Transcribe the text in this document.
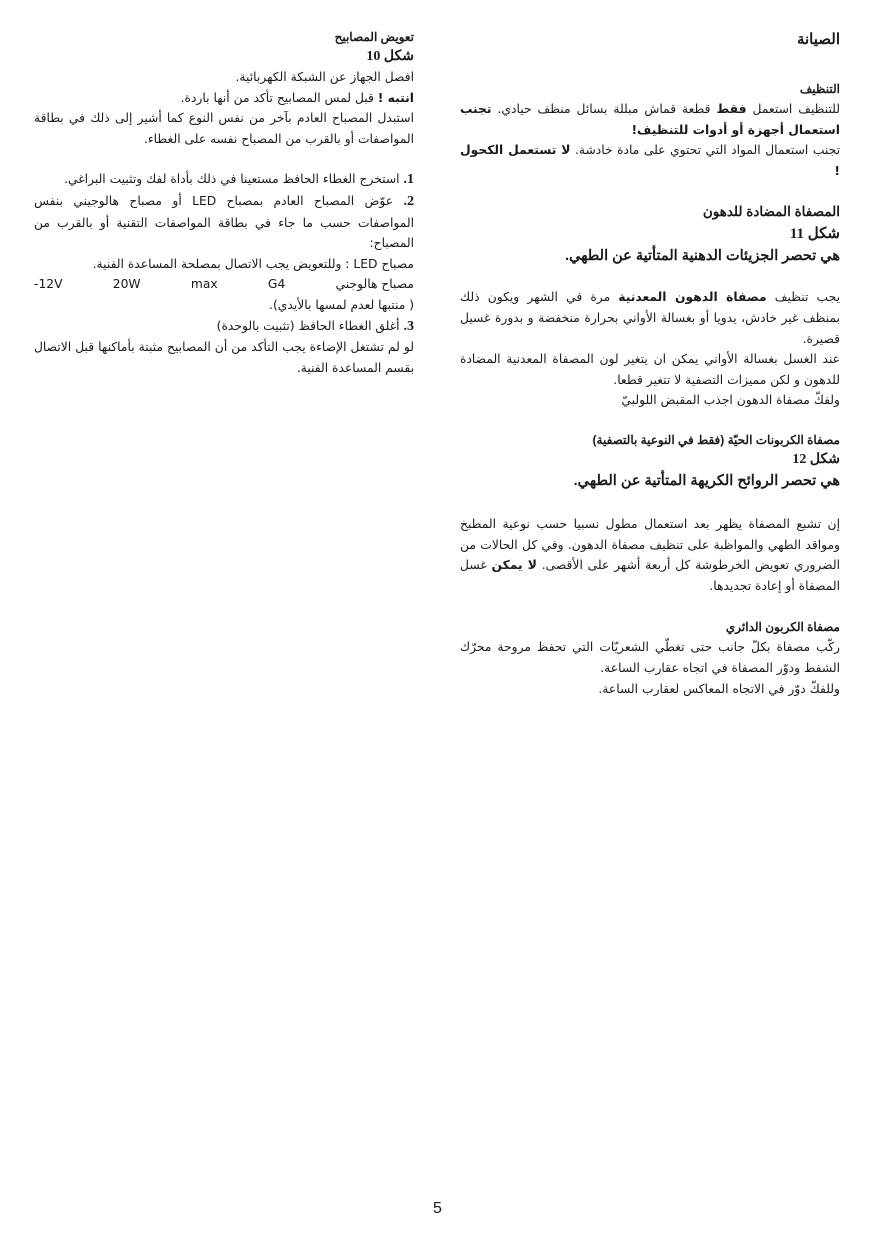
الصيانة
التنظيف

للتنظيف استعمل فقط قطعة قماش مبللة بسائل منظف حيادي. تجنب استعمال أجهزة أو أدوات للتنظيف!

تجنب استعمال المواد التي تحتوي على مادة خادشة. لا تستعمل الكحول !

المصفاة المضادة للدهون
شكل 11
هي تحصر الجزيئات الدهنية المتأتية عن الطهي.

يجب تنظيف مصفاة الدهون المعدنية مرة في الشهر ويكون ذلك بمنظف غير خادش، يدويا أو بغسالة الأواني بحرارة منخفضة و بدورة غسيل قصيرة.

عند الغسل بغسالة الأواني يمكن ان يتغير لون المصفاة المعدنية المضادة للدهون و لكن مميزات التصفية لا تتغير قطعا.

ولفكّ مصفاة الدهون اجذب المقبض اللولبيّ

مصفاة الكربونات الحيّة (فقط في النوعية بالتصفية)
شكل 12
هي تحصر الروائح الكريهة المتأتية عن الطهي.

إن تشبع المصفاة يظهر بعد استعمال مطول نسبيا حسب نوعية المطبخ ومواقد الطهي والمواظبة على تنظيف مصفاة الدهون. وفي كل الحالات من الضروري تعويض الخرطوشة كل أربعة أشهر على الأقصى. لا يمكن غسل المصفاة أو إعادة تجديدها.

مصفاة الكربون الدائري

ركّب مصفاة بكلّ جانب حتى تغطّي الشعريّات التي تحفظ مروحة محرّك الشفط ودوّر المصفاة في اتجاه عقارب الساعة.

وللفكّ دوّر في الاتجاه المعاكس لعقارب الساعة.

تعويض المصابيح
شكل 10

افصل الجهاز عن الشبكة الكهربائية.

انتبه ! قبل لمس المصابيح تأكد من أنها باردة.

استبدل المصباح العادم بآخر من نفس النوع كما أشير إلى ذلك في بطاقة المواصفات أو بالقرب من المصباح نفسه على الغطاء.

1. استخرج الغطاء الحافظ مستعينا في ذلك بأداة لفك وتثبيت البراغي.

2. عوّض المصباح العادم بمصباح LED أو مصباح هالوجيني بنفس المواصفات حسب ما جاء في بطاقة المواصفات التقنية أو بالقرب من المصباح:

مصباح LED : وللتعويض يجب الاتصال بمصلحة المساعدة الفنية.

مصباح هالوجني
G4
max
20W
12V-

( منتبها لعدم لمسها بالأيدي).

3. أغلق الغطاء الحافظ (تثبيت بالوحدة)

لو لم تشتغل الإضاءة يجب التأكد من أن المصابيح مثبتة بأماكنها قبل الاتصال بقسم المساعدة الفنية.

5
